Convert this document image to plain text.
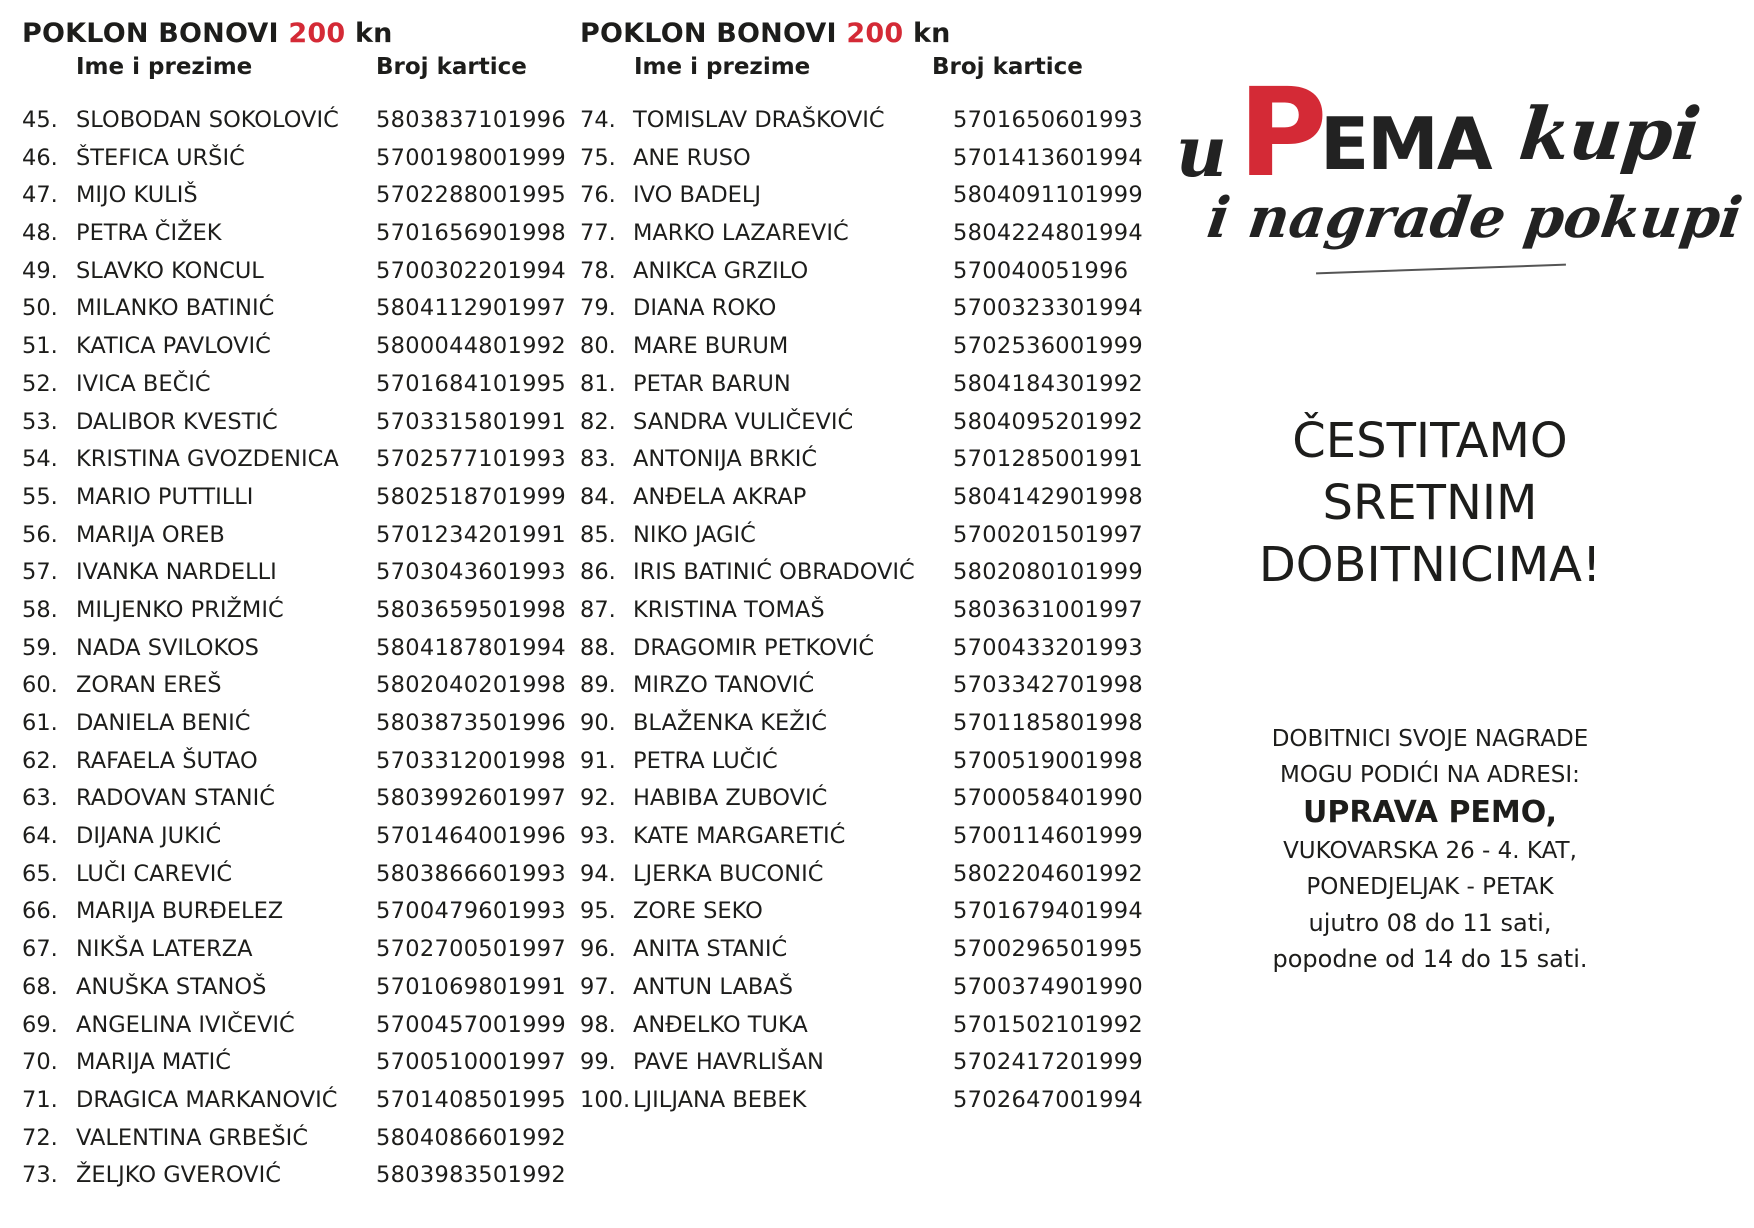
POKLON BONOVI 200 kn
Ime i prezime	Broj kartice
45. SLOBODAN SOKOLOVIĆ 5803837101996
46. ŠTEFICA URŠIĆ	5700198001999
47. MIJO KULIŠ	5702288001995
48. PETRA ČIŽEK	5701656901998
49. SLAVKO KONCUL	5700302201994
50. MILANKO BATINIĆ	5804112901997
51. KATICA PAVLOVIĆ	5800044801992
52. IVICA BEČIĆ	5701684101995
53. DALIBOR KVESTIĆ	5703315801991
54. KRISTINA GVOZDENICA 5702577101993
55. MARIO PUTTILLI	5802518701999
56. MARIJA OREB	5701234201991
57. IVANKA NARDELLI	5703043601993
58. MILJENKO PRIŽMIĆ	5803659501998
59. NADA SVILOKOS	5804187801994
60. ZORAN EREŠ	5802040201998
61. DANIELA BENIĆ	5803873501996
62. RAFAELA ŠUTAO	5703312001998
63. RADOVAN STANIĆ	5803992601997
64. DIJANA JUKIĆ	5701464001996
65. LUČI CAREVIĆ	5803866601993
66. MARIJA BURĐELEZ	5700479601993
67. NIKŠA LATERZA	5702700501997
68. ANUŠKA STANOŠ	5701069801991
69. ANGELINA IVIČEVIĆ	5700457001999
70. MARIJA MATIĆ	5700510001997
71. DRAGICA MARKANOVIĆ 5701408501995
72. VALENTINA GRBEŠIĆ	5804086601992
73. ŽELJKO GVEROVIĆ	5803983501992
POKLON BONOVI 200 kn
Ime i prezime	Broj kartice
74. TOMISLAV DRAŠKOVIĆ	5701650601993
75. ANE RUSO	5701413601994
76. IVO BADELJ	5804091101999
77. MARKO LAZAREVIĆ	5804224801994
78. ANIKCA GRZILO	570040051996
79. DIANA ROKO	5700323301994
80. MARE BURUM	5702536001999
81. PETAR BARUN	5804184301992
82. SANDRA VULIČEVIĆ	5804095201992
83. ANTONIJA BRKIĆ	5701285001991
84. ANĐELA AKRAP	5804142901998
85. NIKO JAGIĆ	5700201501997
86. IRIS BATINIĆ OBRADOVIĆ 5802080101999
87. KRISTINA TOMAŠ	5803631001997
88. DRAGOMIR PETKOVIĆ	5700433201993
89. MIRZO TANOVIĆ	5703342701998
90. BLAŽENKA KEŽIĆ	5701185801998
91. PETRA LUČIĆ	5700519001998
92. HABIBA ZUBOVIĆ	5700058401990
93. KATE MARGARETIĆ	5700114601999
94. LJERKA BUCONIĆ	5802204601992
95. ZORE SEKO	5701679401994
96. ANITA STANIĆ	5700296501995
97. ANTUN LABAŠ	5700374901990
98. ANĐELKO TUKA	5701502101992
99. PAVE HAVRLIŠAN	5702417201999
100. LJILJANA BEBEK	5702647001994
u P
EMA kupi
i nagrade pokupi
ČESTITAMO
SRETNIM
DOBITNICIMA!
DOBITNICI SVOJE NAGRADE
MOGU PODIĆI NA ADRESI:
UPRAVA PEMO,
VUKOVARSKA 26 - 4. KAT,
PONEDJELJAK - PETAK
ujutro 08 do 11 sati,
popodne od 14 do 15 sati.
